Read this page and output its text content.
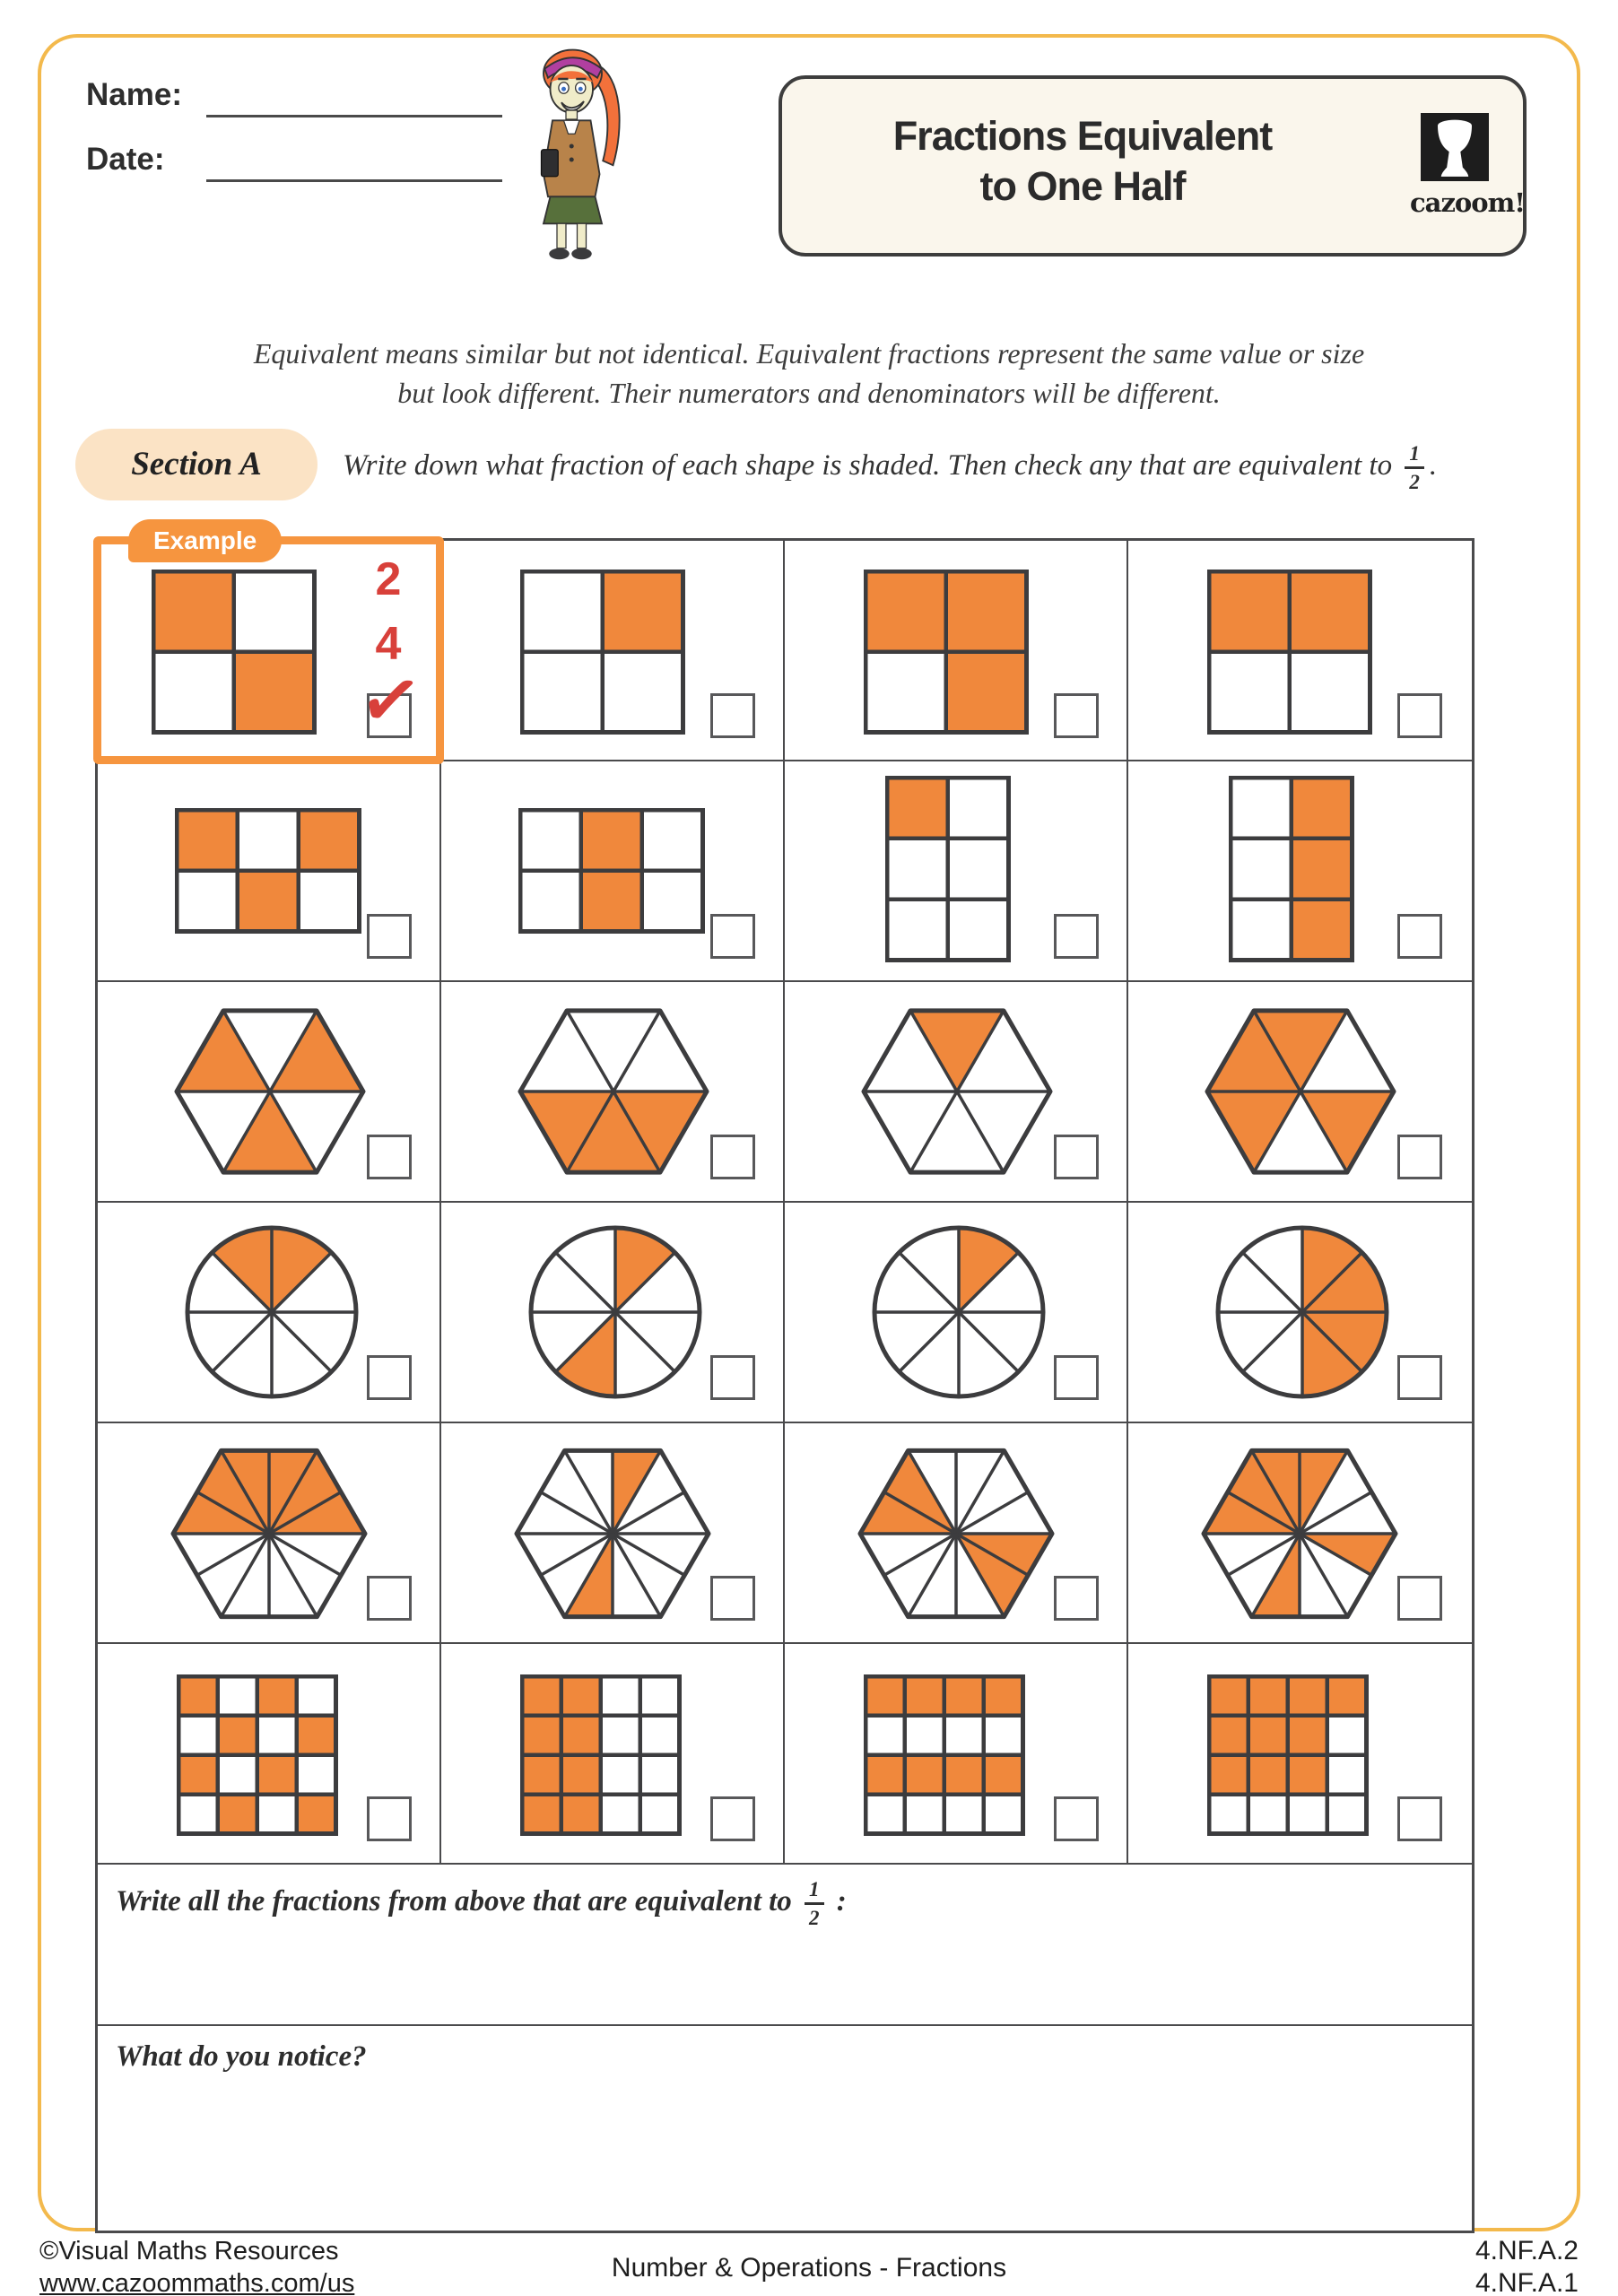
Name:
Date:
Fractions Equivalent
to One Half	cazoom!
Equivalent means similar but not identical. Equivalent fractions represent the same value or size
but look different. Their numerators and denominators will be different.
Section A	Write down what fraction of each shape is shaded. Then check any that are equivalent to $\frac{1}{2}$ .
Example
2
4
✓
Write all the fractions from above that are equivalent to $\frac{1}{2}$ :
What do you notice?
©Visual Maths Resources
www.cazoommaths.com/us
Number & Operations - Fractions
4.NF.A.2
4.NF.A.1
